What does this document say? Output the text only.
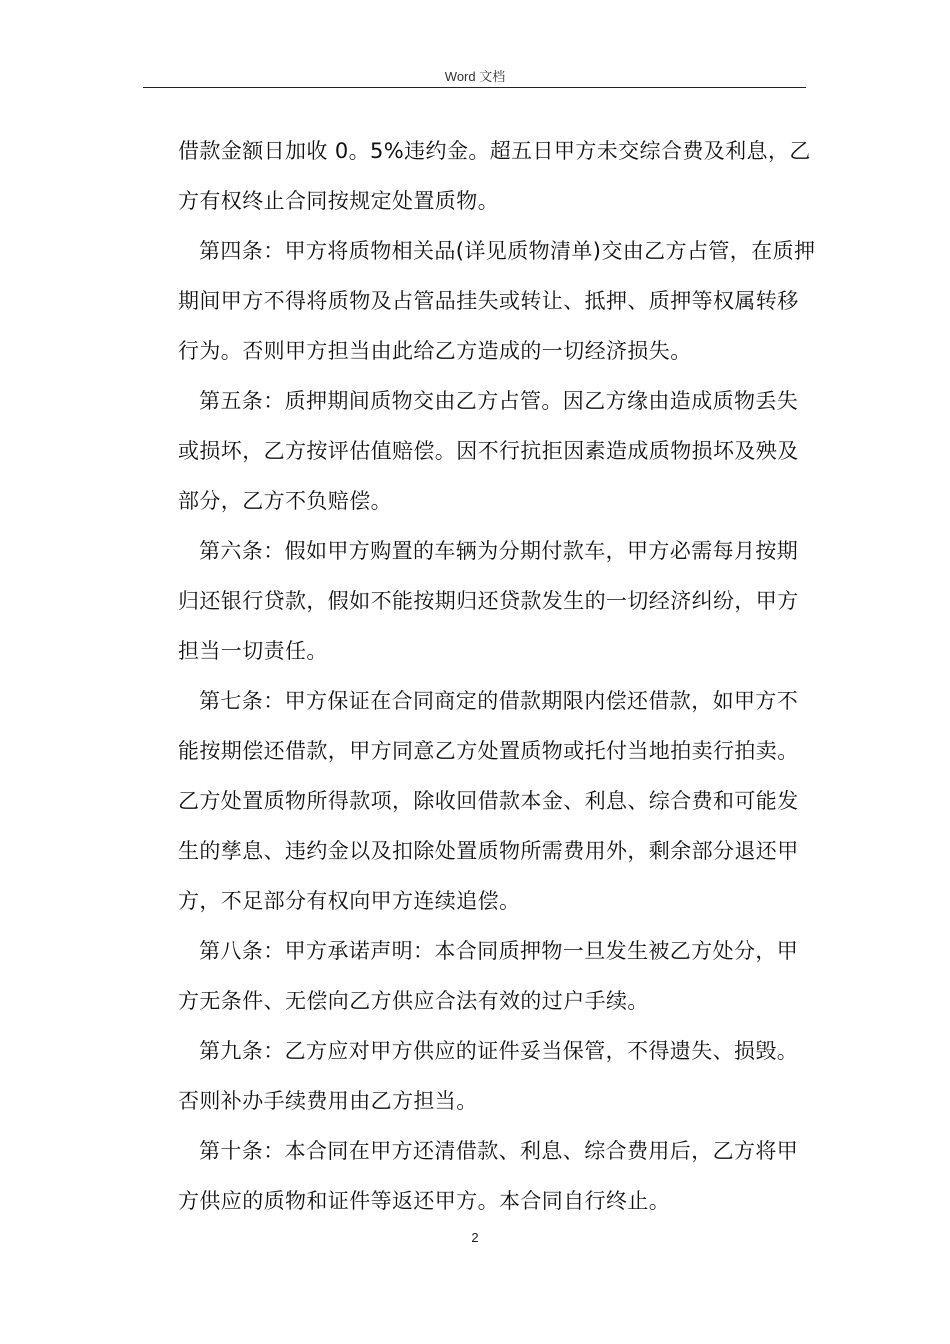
Word 文档

借款金额日加收 0。5%违约金。超五日甲方未交综合费及利息，乙方有权终止合同按规定处置质物。

第四条：甲方将质物相关品(详见质物清单)交由乙方占管，在质押期间甲方不得将质物及占管品挂失或转让、抵押、质押等权属转移行为。否则甲方担当由此给乙方造成的一切经济损失。

第五条：质押期间质物交由乙方占管。因乙方缘由造成质物丢失或损坏，乙方按评估值赔偿。因不行抗拒因素造成质物损坏及殃及部分，乙方不负赔偿。

第六条：假如甲方购置的车辆为分期付款车，甲方必需每月按期归还银行贷款，假如不能按期归还贷款发生的一切经济纠纷，甲方担当一切责任。

第七条：甲方保证在合同商定的借款期限内偿还借款，如甲方不能按期偿还借款，甲方同意乙方处置质物或托付当地拍卖行拍卖。乙方处置质物所得款项，除收回借款本金、利息、综合费和可能发生的孳息、违约金以及扣除处置质物所需费用外，剩余部分退还甲方，不足部分有权向甲方连续追偿。

第八条：甲方承诺声明：本合同质押物一旦发生被乙方处分，甲方无条件、无偿向乙方供应合法有效的过户手续。

第九条：乙方应对甲方供应的证件妥当保管，不得遗失、损毁。否则补办手续费用由乙方担当。

第十条：本合同在甲方还清借款、利息、综合费用后，乙方将甲方供应的质物和证件等返还甲方。本合同自行终止。

2
